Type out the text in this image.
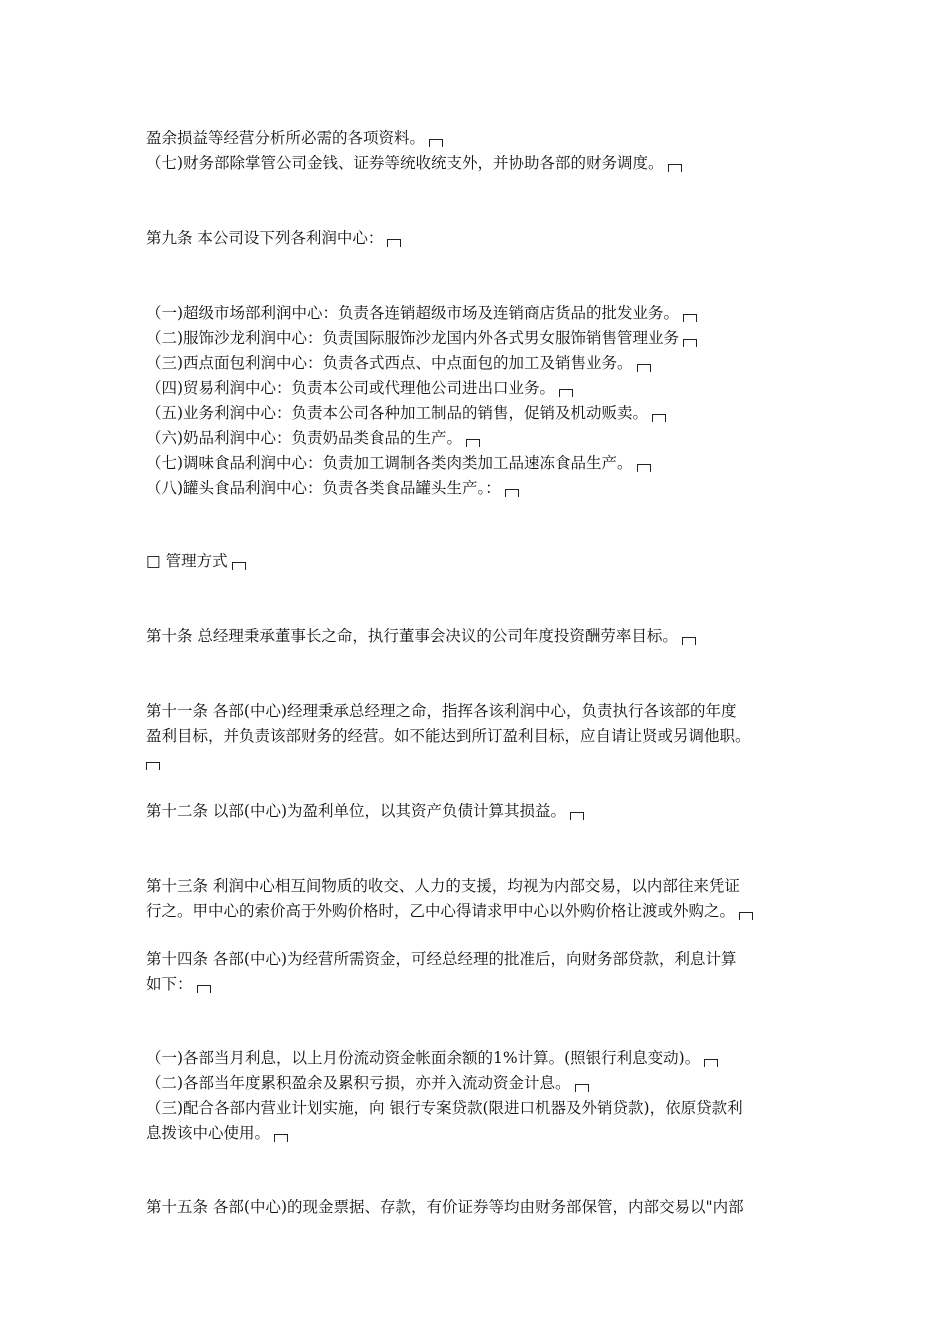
盈余损益等经营分析所必需的各项资料。
（七)财务部除掌管公司金钱、证券等统收统支外，并协助各部的财务调度。
第九条 本公司设下列各利润中心：
（一)超级市场部利润中心：负责各连销超级市场及连销商店货品的批发业务。
（二)服饰沙龙利润中心：负责国际服饰沙龙国内外各式男女服饰销售管理业务
（三)西点面包利润中心：负责各式西点、中点面包的加工及销售业务。
（四)贸易利润中心：负责本公司或代理他公司进出口业务。
（五)业务利润中心：负责本公司各种加工制品的销售，促销及机动贩卖。
（六)奶品利润中心：负责奶品类食品的生产。
（七)调味食品利润中心：负责加工调制各类肉类加工品速冻食品生产。
（八)罐头食品利润中心：负责各类食品罐头生产。：
□ 管理方式
第十条 总经理秉承董事长之命，执行董事会决议的公司年度投资酬劳率目标。
第十一条 各部(中心)经理秉承总经理之命，指挥各该利润中心，负责执行各该部的年度
盈利目标，并负责该部财务的经营。如不能达到所订盈利目标，应自请让贤或另调他职。
第十二条 以部(中心)为盈利单位，以其资产负债计算其损益。
第十三条 利润中心相互间物质的收交、人力的支援，均视为内部交易，以内部往来凭证
行之。甲中心的索价高于外购价格时，乙中心得请求甲中心以外购价格让渡或外购之。
第十四条 各部(中心)为经营所需资金，可经总经理的批准后，向财务部贷款，利息计算
如下：
（一)各部当月利息，以上月份流动资金帐面余额的1%计算。(照银行利息变动)。
（二)各部当年度累积盈余及累积亏损，亦并入流动资金计息。
（三)配合各部内营业计划实施，向 银行专案贷款(限进口机器及外销贷款)，依原贷款利
息拨该中心使用。
第十五条 各部(中心)的现金票据、存款，有价证券等均由财务部保管，内部交易以"内部
